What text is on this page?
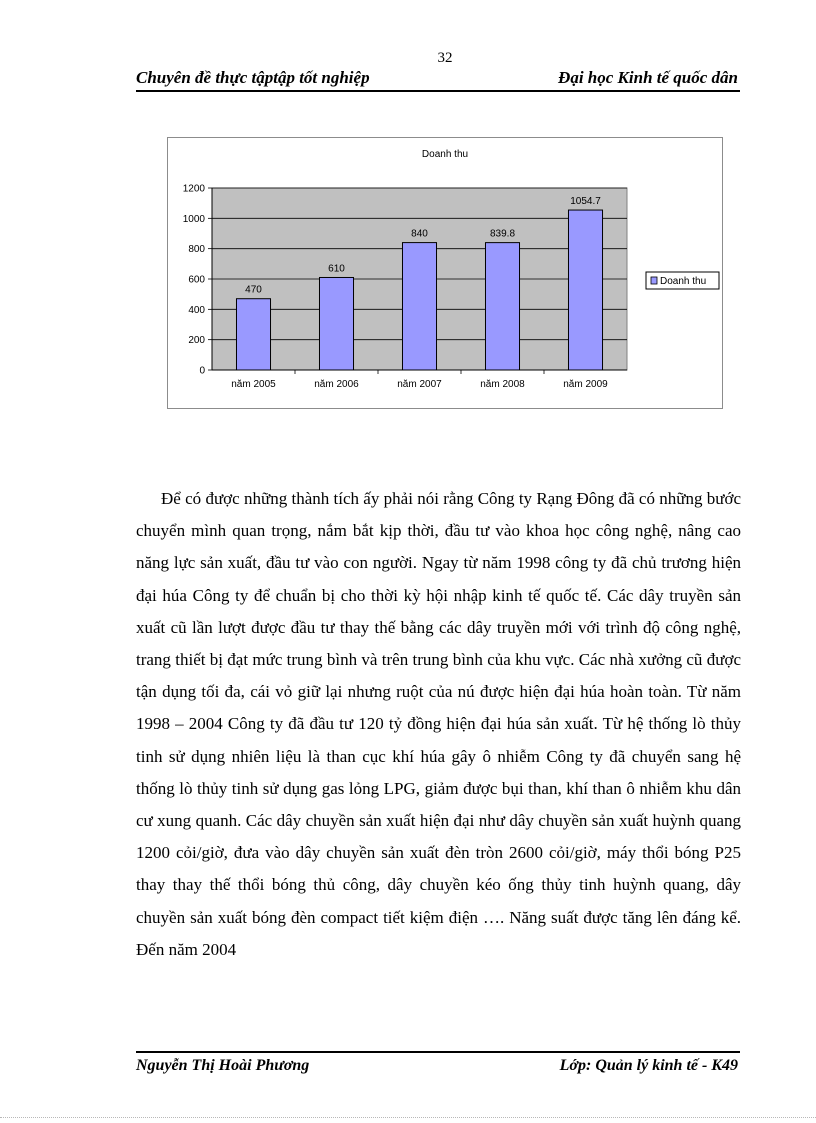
32
Chuyên đề thực tậptập tốt nghiệp	Đại học Kinh tế quốc dân
Doanh thu
0
200
400
600
800
1000
1200
470
năm 2005
610
năm 2006
840
năm 2007
839.8
năm 2008
1054.7
năm 2009
Doanh thu

Để có được những thành tích ấy phải nói rằng Công ty Rạng Đông đã có những bước chuyển mình quan trọng, nắm bắt kịp thời, đầu tư vào khoa học công nghệ, nâng cao năng lực sản xuất, đầu tư vào con người. Ngay từ năm 1998 công ty đã chủ trương hiện đại húa Công ty để chuẩn bị cho thời kỳ hội nhập kinh tế quốc tế. Các dây truyền sản xuất cũ lần lượt được đầu tư thay thế bằng các dây truyền mới với trình độ công nghệ, trang thiết bị đạt mức trung bình và trên trung bình của khu vực. Các nhà xưởng cũ được tận dụng tối đa, cái vỏ giữ lại nhưng ruột của nú được hiện đại húa hoàn toàn. Từ năm 1998 – 2004 Công ty đã đầu tư 120 tỷ đồng hiện đại húa sản xuất. Từ hệ thống lò thủy tinh sử dụng nhiên liệu là than cục khí húa gây ô nhiễm Công ty đã chuyển sang hệ thống lò thủy tinh sử dụng gas lỏng LPG, giảm được bụi than, khí than ô nhiễm khu dân cư xung quanh. Các dây chuyền sản xuất hiện đại như dây chuyền sản xuất huỳnh quang 1200 cỏi/giờ, đưa vào dây chuyền sản xuất đèn tròn 2600 cỏi/giờ, máy thổi bóng P25 thay thay thế thổi bóng thủ công, dây chuyền kéo ống thủy tinh huỳnh quang, dây chuyền sản xuất bóng đèn compact tiết kiệm điện …. Năng suất được tăng lên đáng kể. Đến năm 2004

Nguyễn Thị Hoài Phương	Lớp: Quản lý kinh tế - K49
